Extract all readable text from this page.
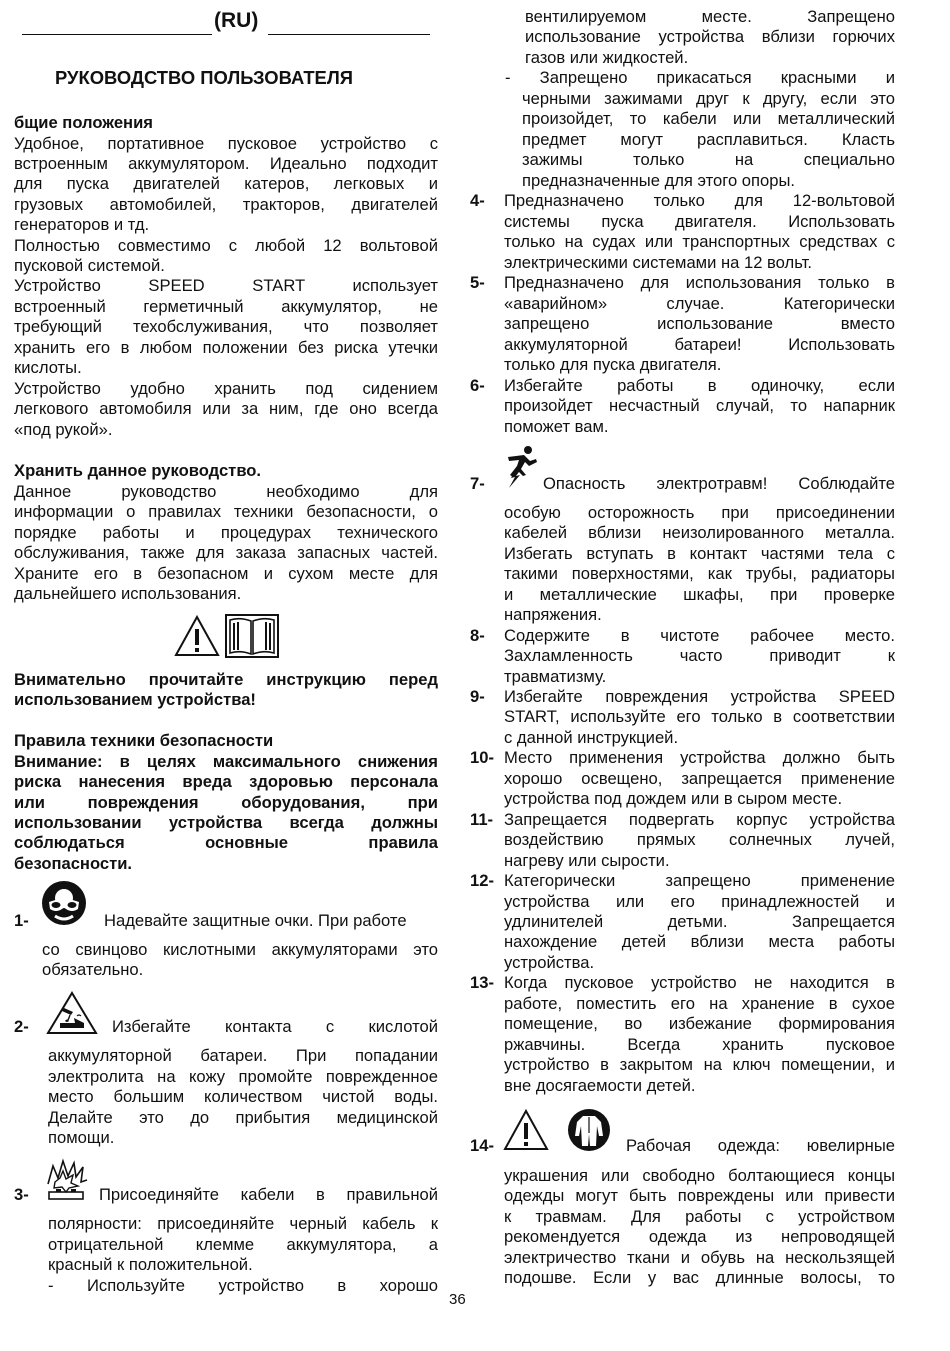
(RU)
РУКОВОДСТВО ПОЛЬЗОВАТЕЛЯ
бщие положения
Удобное, портативное пусковое устройство с
встроенным аккумулятором. Идеально подходит
для пуска двигателей катеров, легковых и
грузовых автомобилей, тракторов, двигателей
генераторов и тд.
Полностью совместимо с любой 12 вольтовой
пусковой системой.
Устройство SPEED START использует
встроенный герметичный аккумулятор, не
требующий техобслуживания, что позволяет
хранить его в любом положении без риска утечки
кислоты.
Устройство удобно хранить под сидением
легкового автомобиля или за ним, где оно всегда
«под рукой».
Хранить данное руководство.
Данное руководство необходимо для
информации о правилах техники безопасности, о
порядке работы и процедурах технического
обслуживания, также для заказа запасных частей.
Храните его в безопасном и сухом месте для
дальнейшего использования.
Внимательно прочитайте инструкцию перед
использованием устройства!
Правила техники безопасности
Внимание: в целях максимального снижения
риска нанесения вреда здоровью персонала
или повреждения оборудования, при
использовании устройства всегда должны
соблюдаться основные правила
безопасности.
1-	Надевайте защитные очки. При работе
со свинцово кислотными аккумуляторами это
обязательно.
2-	Избегайте контакта с кислотой
аккумуляторной батареи. При попадании
электролита на кожу промойте поврежденное
место большим количеством чистой воды.
Делайте это до прибытия медицинской
помощи.
3-	Присоединяйте кабели в правильной
полярности: присоединяйте черный кабель к
отрицательной клемме аккумулятора, а
красный к положительной.
- Используйте устройство в хорошо
вентилируемом месте. Запрещено
использование устройства вблизи горючих
газов или жидкостей.
- Запрещено прикасаться красными и
черными зажимами друг к другу, если это
произойдет, то кабели или металлический
предмет могут расплавиться. Класть
зажимы только на специально
предназначенные для этого опоры.
4- Предназначено только для 12-вольтовой
системы пуска двигателя. Использовать
только на судах или транспортных средствах с
электрическими системами на 12 вольт.
5- Предназначено для использования только в
«аварийном» случае. Категорически
запрещено использование вместо
аккумуляторной батареи! Использовать
только для пуска двигателя.
6- Избегайте работы в одиночку, если
произойдет несчастный случай, то напарник
поможет вам.
7-	Опасность электротравм! Соблюдайте
особую осторожность при присоединении
кабелей вблизи неизолированного металла.
Избегать вступать в контакт частями тела с
такими поверхностями, как трубы, радиаторы
и металлические шкафы, при проверке
напряжения.
8- Содержите в чистоте рабочее место.
Захламленность часто приводит к
травматизму.
9- Избегайте повреждения устройства SPEED
START, используйте его только в соответствии
с данной инструкцией.
10- Место применения устройства должно быть
хорошо освещено, запрещается применение
устройства под дождем или в сыром месте.
11- Запрещается подвергать корпус устройства
воздействию прямых солнечных лучей,
нагреву или сырости.
12- Категорически запрещено применение
устройства или его принадлежностей и
удлинителей детьми. Запрещается
нахождение детей вблизи места работы
устройства.
13- Когда пусковое устройство не находится в
работе, поместить его на хранение в сухое
помещение, во избежание формирования
ржавчины. Всегда хранить пусковое
устройство в закрытом на ключ помещении, и
вне досягаемости детей.
14-	Рабочая одежда: ювелирные
украшения или свободно болтающиеся концы
одежды могут быть повреждены или привести
к травмам. Для работы с устройством
рекомендуется одежда из непроводящей
электричество ткани и обувь на нескользящей
подошве. Если у вас длинные волосы, то
36
